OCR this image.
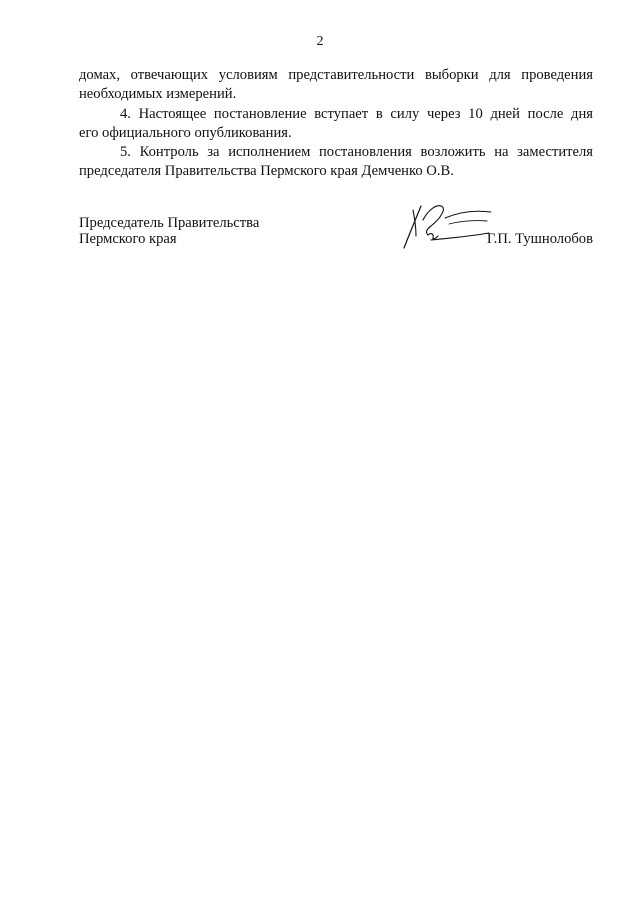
2

домах, отвечающих условиям представительности выборки для проведения
необходимых измерений.

4. Настоящее постановление вступает в силу через 10 дней после дня
его официального опубликования.

5. Контроль за исполнением постановления возложить на заместителя
председателя Правительства Пермского края Демченко О.В.

Председатель Правительства
Пермского края	Г.П. Тушнолобов
